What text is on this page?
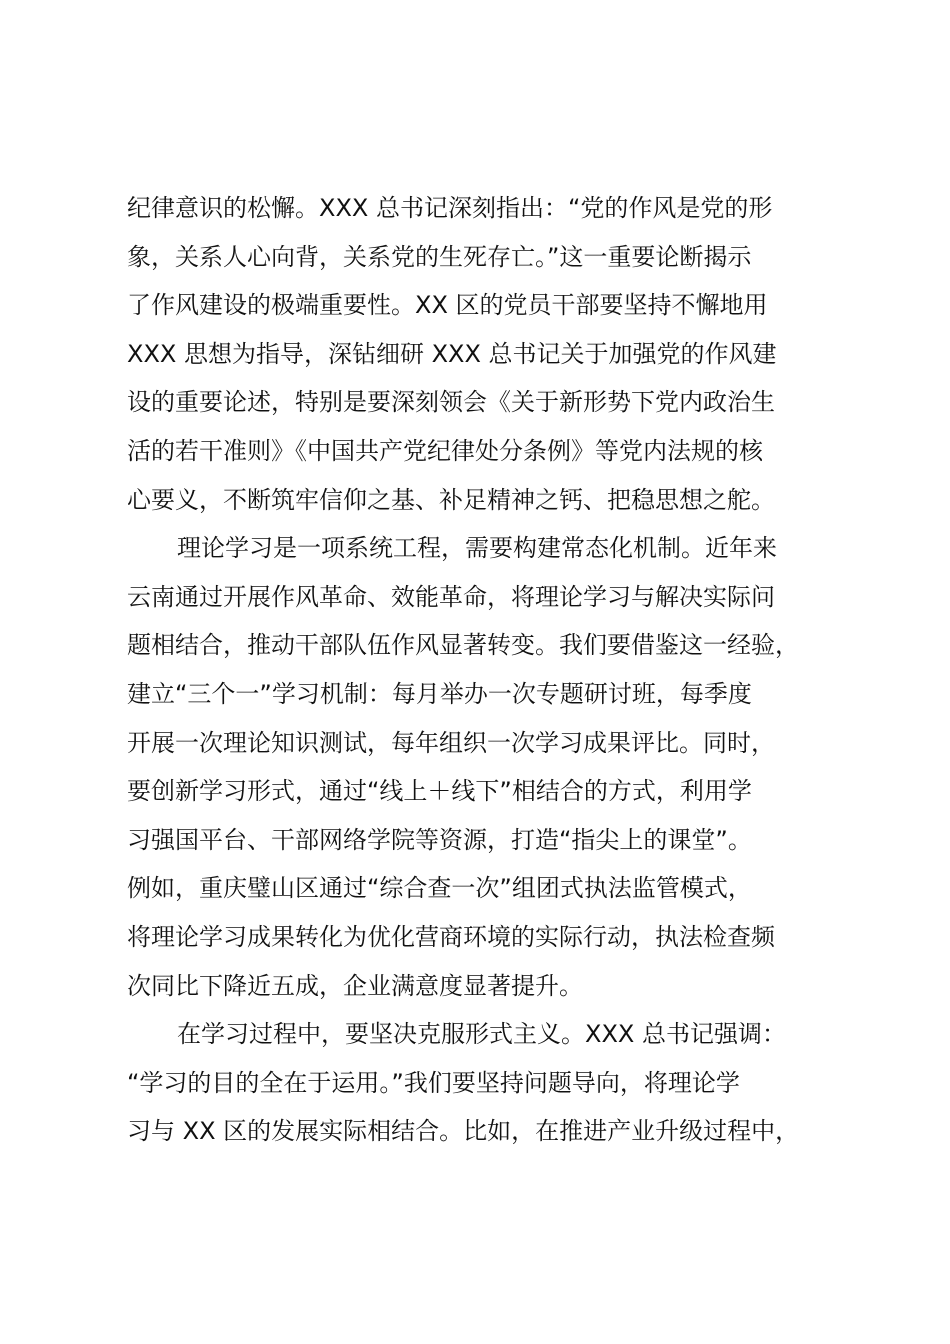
纪律意识的松懈。XXX 总书记深刻指出：“党的作风是党的形
象，关系人心向背，关系党的生死存亡。”这一重要论断揭示
了作风建设的极端重要性。XX 区的党员干部要坚持不懈地用
XXX 思想为指导，深钻细研 XXX 总书记关于加强党的作风建
设的重要论述，特别是要深刻领会《关于新形势下党内政治生
活的若干准则》《中国共产党纪律处分条例》等党内法规的核
心要义，不断筑牢信仰之基、补足精神之钙、把稳思想之舵。

理论学习是一项系统工程，需要构建常态化机制。近年来
云南通过开展作风革命、效能革命，将理论学习与解决实际问
题相结合，推动干部队伍作风显著转变。我们要借鉴这一经验，
建立“三个一”学习机制：每月举办一次专题研讨班，每季度
开展一次理论知识测试，每年组织一次学习成果评比。同时，
要创新学习形式，通过“线上＋线下”相结合的方式，利用学
习强国平台、干部网络学院等资源，打造“指尖上的课堂”。
例如，重庆璧山区通过“综合查一次”组团式执法监管模式，
将理论学习成果转化为优化营商环境的实际行动，执法检查频
次同比下降近五成，企业满意度显著提升。

在学习过程中，要坚决克服形式主义。XXX 总书记强调：
“学习的目的全在于运用。”我们要坚持问题导向，将理论学
习与 XX 区的发展实际相结合。比如，在推进产业升级过程中，
